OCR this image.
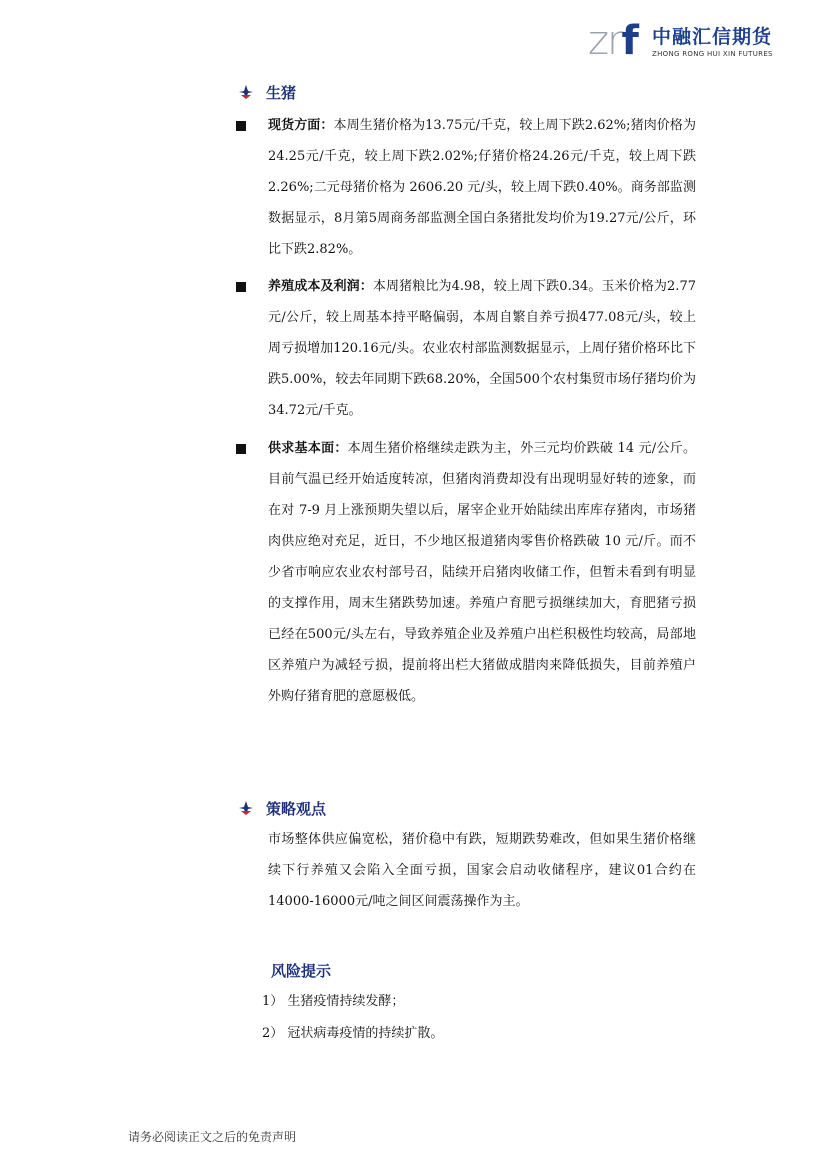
zrf 中融汇信期货
ZHONG RONG HUI XIN FUTURES
生猪
现货方面：本周生猪价格为13.75元/千克，较上周下跌2.62%;猪肉价格为24.25元/千克，较上周下跌2.02%;仔猪价格24.26元/千克，较上周下跌 2.26%;二元母猪价格为 2606.20 元/头，较上周下跌0.40%。商务部监测数据显示，8月第5周商务部监测全国白条猪批发均价为19.27元/公斤，环比下跌2.82%。
养殖成本及利润：本周猪粮比为4.98，较上周下跌0.34。玉米价格为2.77元/公斤，较上周基本持平略偏弱，本周自繁自养亏损477.08元/头，较上周亏损增加120.16元/头。农业农村部监测数据显示，上周仔猪价格环比下跌5.00%，较去年同期下跌68.20%，全国500个农村集贸市场仔猪均价为34.72元/千克。
供求基本面：本周生猪价格继续走跌为主，外三元均价跌破 14 元/公斤。目前气温已经开始适度转凉，但猪肉消费却没有出现明显好转的迹象，而在对 7-9 月上涨预期失望以后，屠宰企业开始陆续出库库存猪肉，市场猪肉供应绝对充足，近日，不少地区报道猪肉零售价格跌破 10 元/斤。而不少省市响应农业农村部号召，陆续开启猪肉收储工作，但暂未看到有明显的支撑作用，周末生猪跌势加速。养殖户育肥亏损继续加大，育肥猪亏损已经在500元/头左右，导致养殖企业及养殖户出栏积极性均较高，局部地区养殖户为减轻亏损，提前将出栏大猪做成腊肉来降低损失，目前养殖户外购仔猪育肥的意愿极低。
策略观点
市场整体供应偏宽松，猪价稳中有跌，短期跌势难改，但如果生猪价格继续下行养殖又会陷入全面亏损，国家会启动收储程序，建议01合约在14000-16000元/吨之间区间震荡操作为主。
风险提示
1） 生猪疫情持续发酵；
2） 冠状病毒疫情的持续扩散。
请务必阅读正文之后的免责声明
